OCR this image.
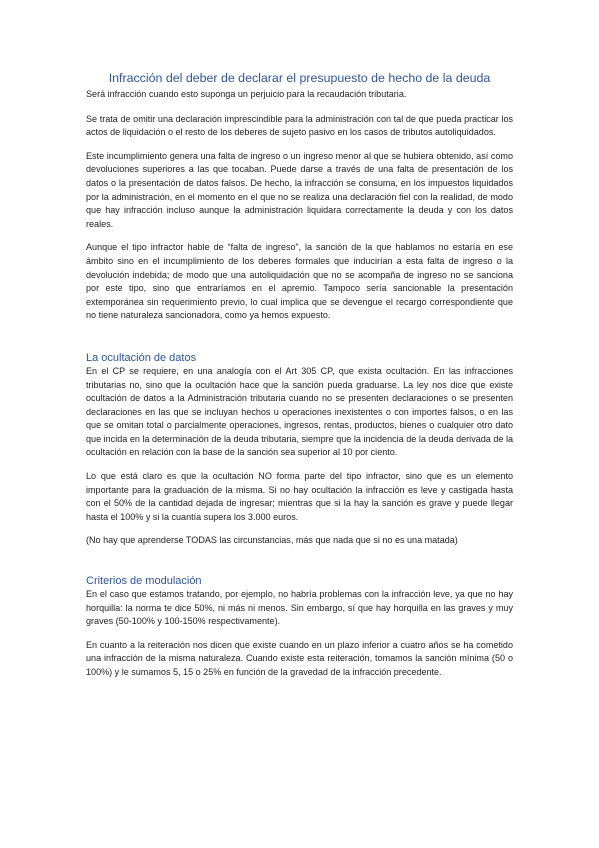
Infracción del deber de declarar el presupuesto de hecho de la deuda

Será infracción cuando esto suponga un perjuicio para la recaudación tributaria.

Se trata de omitir una declaración imprescindible para la administración con tal de que pueda practicar los actos de liquidación o el resto de los deberes de sujeto pasivo en los casos de tributos autoliquidados.

Este incumplimiento genera una falta de ingreso o un ingreso menor al que se hubiera obtenido, así como devoluciones superiores a las que tocaban. Puede darse a través de una falta de presentación de los datos o la presentación de datos falsos. De hecho, la infracción se consuma, en los impuestos liquidados por la administración, en el momento en el que no se realiza una declaración fiel con la realidad, de modo que hay infracción incluso aunque la administración liquidara correctamente la deuda y con los datos reales.

Aunque el tipo infractor hable de “falta de ingreso”, la sanción de la que hablamos no estaría en ese ámbito sino en el incumplimiento de los deberes formales que inducirían a esta falta de ingreso o la devolución indebida; de modo que una autoliquidación que no se acompaña de ingreso no se sanciona por este tipo, sino que entraríamos en el apremio. Tampoco sería sancionable la presentación extemporánea sin requerimiento previo, lo cual implica que se devengue el recargo correspondiente que no tiene naturaleza sancionadora, como ya hemos expuesto.

La ocultación de datos

En el CP se requiere, en una analogía con el Art 305 CP, que exista ocultación. En las infracciones tributarias no, sino que la ocultación hace que la sanción pueda graduarse. La ley nos dice que existe ocultación de datos a la Administración tributaria cuando no se presenten declaraciones o se presenten declaraciones en las que se incluyan hechos u operaciones inexistentes o con importes falsos, o en las que se omitan total o parcialmente operaciones, ingresos, rentas, productos, bienes o cualquier otro dato que incida en la determinación de la deuda tributaria, siempre que la incidencia de la deuda derivada de la ocultación en relación con la base de la sanción sea superior al 10 por ciento.

Lo que está claro es que la ocultación NO forma parte del tipo infractor, sino que es un elemento importante para la graduación de la misma. Si no hay ocultación la infracción es leve y castigada hasta con el 50% de la cantidad dejada de ingresar; mientras que si la hay la sanción es grave y puede llegar hasta el 100% y si la cuantía supera los 3.000 euros.

(No hay que aprenderse TODAS las circunstancias, más que nada que si no es una matada)

Criterios de modulación

En el caso que estamos tratando, por ejemplo, no habría problemas con la infracción leve, ya que no hay horquilla: la norma te dice 50%, ni más ni menos. Sin embargo, sí que hay horquilla en las graves y muy graves (50-100% y 100-150% respectivamente).

En cuanto a la reiteración nos dicen que existe cuando en un plazo inferior a cuatro años se ha cometido una infracción de la misma naturaleza. Cuando existe esta reiteración, tomamos la sanción mínima (50 o 100%) y le sumamos 5, 15 o 25% en función de la gravedad de la infracción precedente.
